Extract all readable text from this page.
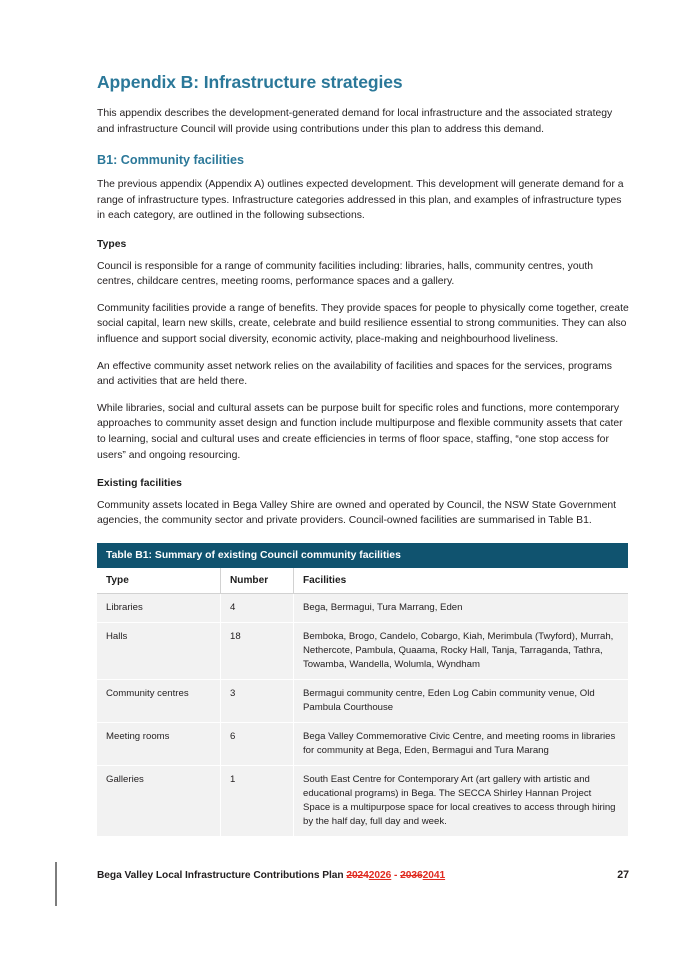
Appendix B: Infrastructure strategies

This appendix describes the development-generated demand for local infrastructure and the associated strategy and infrastructure Council will provide using contributions under this plan to address this demand.

B1: Community facilities

The previous appendix (Appendix A) outlines expected development. This development will generate demand for a range of infrastructure types. Infrastructure categories addressed in this plan, and examples of infrastructure types in each category, are outlined in the following subsections.

Types

Council is responsible for a range of community facilities including: libraries, halls, community centres, youth centres, childcare centres, meeting rooms, performance spaces and a gallery.

Community facilities provide a range of benefits. They provide spaces for people to physically come together, create social capital, learn new skills, create, celebrate and build resilience essential to strong communities. They can also influence and support social diversity, economic activity, place-making and neighbourhood liveliness.

An effective community asset network relies on the availability of facilities and spaces for the services, programs and activities that are held there.

While libraries, social and cultural assets can be purpose built for specific roles and functions, more contemporary approaches to community asset design and function include multipurpose and flexible community assets that cater to learning, social and cultural uses and create efficiencies in terms of floor space, staffing, “one stop access for users” and ongoing resourcing.

Existing facilities

Community assets located in Bega Valley Shire are owned and operated by Council, the NSW State Government agencies, the community sector and private providers. Council-owned facilities are summarised in Table B1.

Table B1: Summary of existing Council community facilities
Type	Number	Facilities
Libraries	4	Bega, Bermagui, Tura Marrang, Eden
Halls	18	Bemboka, Brogo, Candelo, Cobargo, Kiah, Merimbula (Twyford), Murrah, Nethercote, Pambula, Quaama, Rocky Hall, Tanja, Tarraganda, Tathra, Towamba, Wandella, Wolumla, Wyndham
Community centres	3	Bermagui community centre, Eden Log Cabin community venue, Old Pambula Courthouse
Meeting rooms	6	Bega Valley Commemorative Civic Centre, and meeting rooms in libraries for community at Bega, Eden, Bermagui and Tura Marang
Galleries	1	South East Centre for Contemporary Art (art gallery with artistic and educational programs) in Bega. The SECCA Shirley Hannan Project Space is a multipurpose space for local creatives to access through hiring by the half day, full day and week.
Bega Valley Local Infrastructure Contributions Plan 20242026 - 20362041	27
